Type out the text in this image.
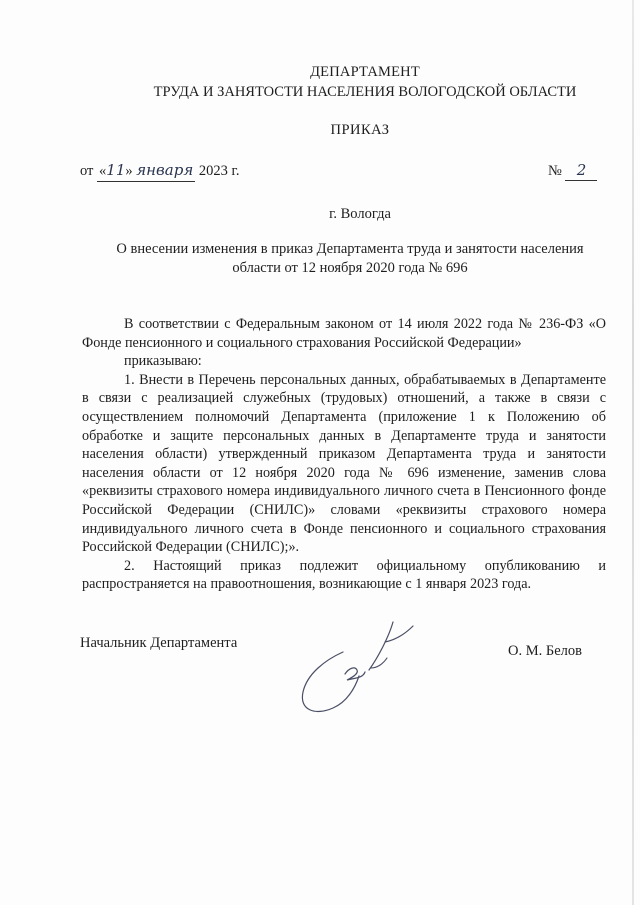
ДЕПАРТАМЕНТ
ТРУДА И ЗАНЯТОСТИ НАСЕЛЕНИЯ ВОЛОГОДСКОЙ ОБЛАСТИ
ПРИКАЗ
от «11» января 2023 г.	№ 2
г. Вологда
О внесении изменения в приказ Департамента труда и занятости населения области от 12 ноября 2020 года № 696

В соответствии с Федеральным законом от 14 июля 2022 года № 236-ФЗ «О Фонде пенсионного и социального страхования Российской Федерации»

приказываю:

1. Внести в Перечень персональных данных, обрабатываемых в Департаменте в связи с реализацией служебных (трудовых) отношений, а также в связи с осуществлением полномочий Департамента (приложение 1 к Положению об обработке и защите персональных данных в Департаменте труда и занятости населения области) утвержденный приказом Департамента труда и занятости населения области от 12 ноября 2020 года № 696 изменение, заменив слова «реквизиты страхового номера индивидуального личного счета в Пенсионного фонде Российской Федерации (СНИЛС)» словами «реквизиты страхового номера индивидуального личного счета в Фонде пенсионного и социального страхования Российской Федерации (СНИЛС);».

2. Настоящий приказ подлежит официальному опубликованию и распространяется на правоотношения, возникающие с 1 января 2023 года.

Начальник Департамента	О. М. Белов
